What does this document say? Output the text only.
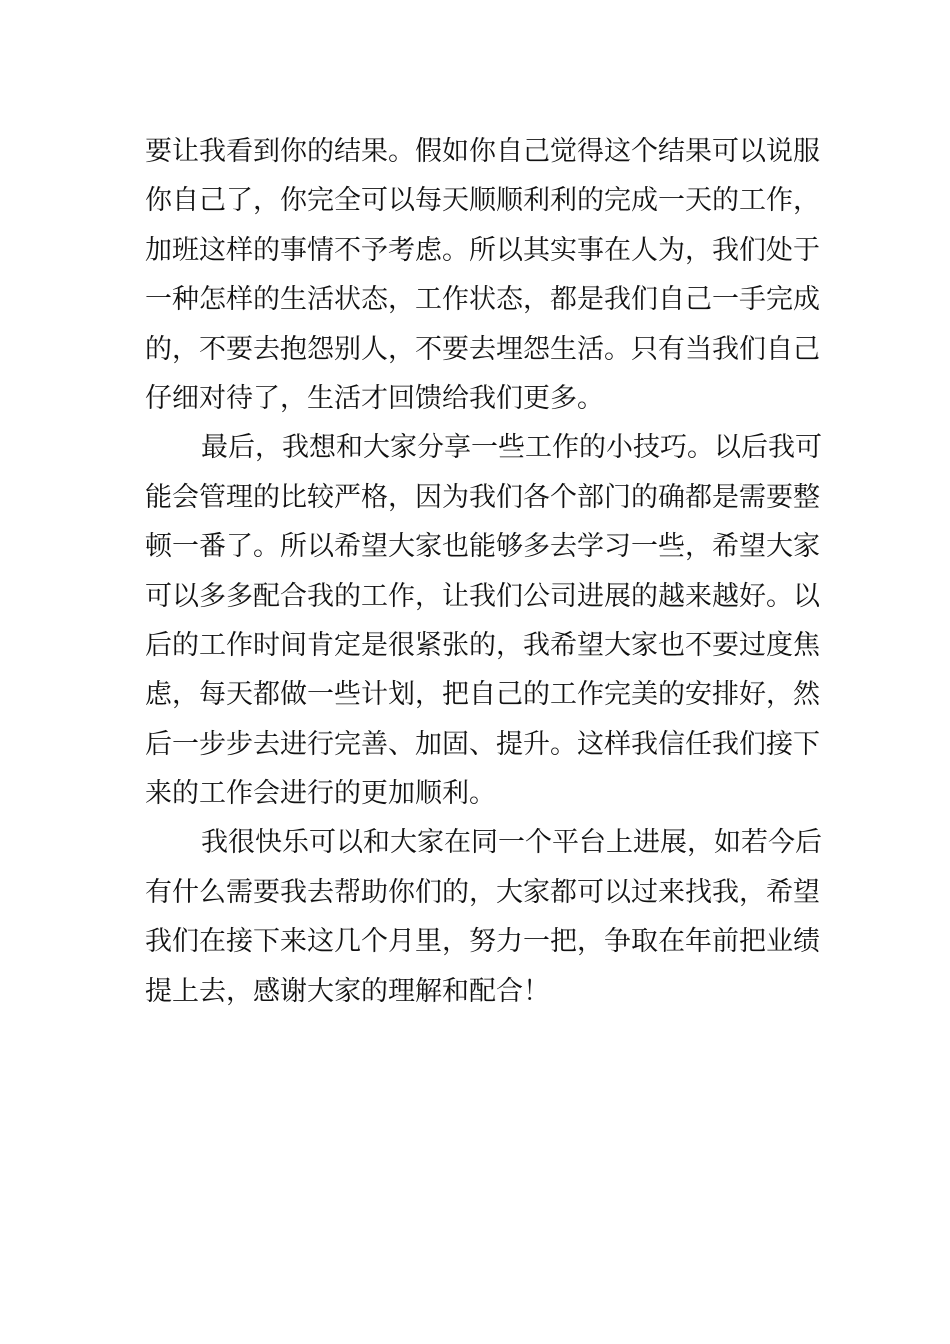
要让我看到你的结果。假如你自己觉得这个结果可以说服
你自己了，你完全可以每天顺顺利利的完成一天的工作，
加班这样的事情不予考虑。所以其实事在人为，我们处于
一种怎样的生活状态，工作状态，都是我们自己一手完成
的，不要去抱怨别人，不要去埋怨生活。只有当我们自己
仔细对待了，生活才回馈给我们更多。
最后，我想和大家分享一些工作的小技巧。以后我可
能会管理的比较严格，因为我们各个部门的确都是需要整
顿一番了。所以希望大家也能够多去学习一些，希望大家
可以多多配合我的工作，让我们公司进展的越来越好。以
后的工作时间肯定是很紧张的，我希望大家也不要过度焦
虑，每天都做一些计划，把自己的工作完美的安排好，然
后一步步去进行完善、加固、提升。这样我信任我们接下
来的工作会进行的更加顺利。
我很快乐可以和大家在同一个平台上进展，如若今后
有什么需要我去帮助你们的，大家都可以过来找我，希望
我们在接下来这几个月里，努力一把，争取在年前把业绩
提上去，感谢大家的理解和配合！
